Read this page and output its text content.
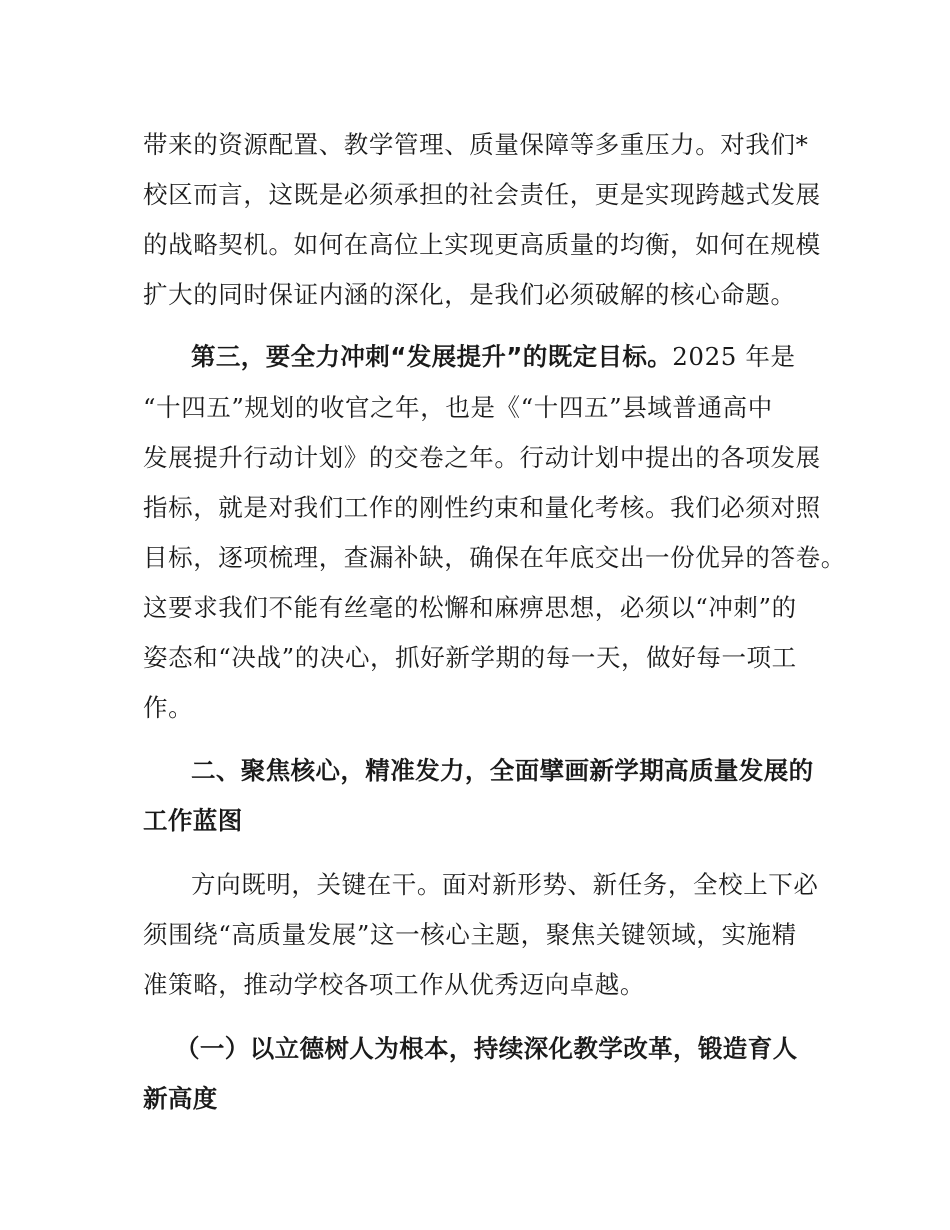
带来的资源配置、教学管理、质量保障等多重压力。对我们*
校区而言，这既是必须承担的社会责任，更是实现跨越式发展
的战略契机。如何在高位上实现更高质量的均衡，如何在规模
扩大的同时保证内涵的深化，是我们必须破解的核心命题。
第三，要全力冲刺“发展提升”的既定目标。2025 年是
“十四五”规划的收官之年，也是《“十四五”县域普通高中
发展提升行动计划》的交卷之年。行动计划中提出的各项发展
指标，就是对我们工作的刚性约束和量化考核。我们必须对照
目标，逐项梳理，查漏补缺，确保在年底交出一份优异的答卷。
这要求我们不能有丝毫的松懈和麻痹思想，必须以“冲刺”的
姿态和“决战”的决心，抓好新学期的每一天，做好每一项工
作。
二、聚焦核心，精准发力，全面擘画新学期高质量发展的
工作蓝图
方向既明，关键在干。面对新形势、新任务，全校上下必
须围绕“高质量发展”这一核心主题，聚焦关键领域，实施精
准策略，推动学校各项工作从优秀迈向卓越。
（一）以立德树人为根本，持续深化教学改革，锻造育人
新高度
